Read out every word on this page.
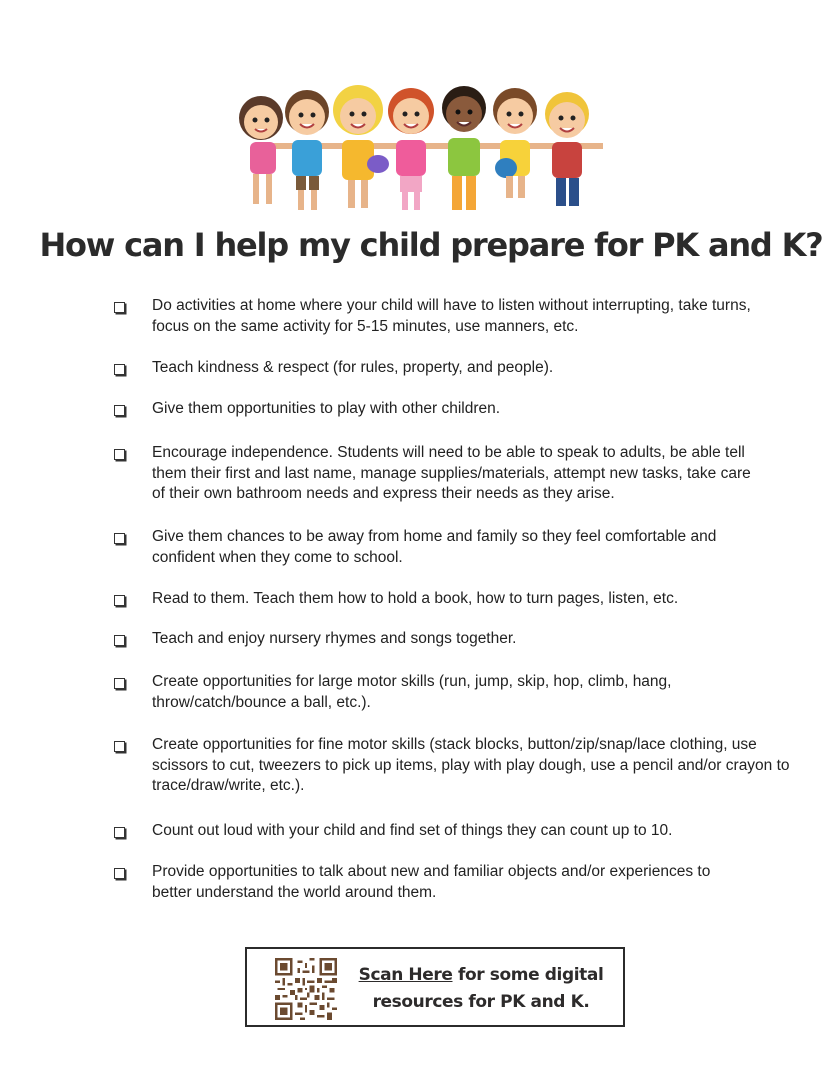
How can I help my child prepare for PK and K?
Do activities at home where your child will have to listen without interrupting, take turns, focus on the same activity for 5-15 minutes, use manners, etc.
Teach kindness & respect (for rules, property, and people).
Give them opportunities to play with other children.
Encourage independence. Students will need to be able to speak to adults, be able tell them their first and last name, manage supplies/materials, attempt new tasks, take care of their own bathroom needs and express their needs as they arise.
Give them chances to be away from home and family so they feel comfortable and confident when they come to school.
Read to them. Teach them how to hold a book, how to turn pages, listen, etc.
Teach and enjoy nursery rhymes and songs together.
Create opportunities for large motor skills (run, jump, skip, hop, climb, hang, throw/catch/bounce a ball, etc.).
Create opportunities for fine motor skills (stack blocks, button/zip/snap/lace clothing, use scissors to cut, tweezers to pick up items, play with play dough, use a pencil and/or crayon to trace/draw/write, etc.).
Count out loud with your child and find set of things they can count up to 10.
Provide opportunities to talk about new and familiar objects and/or experiences to better understand the world around them.
Scan Here for some digital
resources for PK and K.
